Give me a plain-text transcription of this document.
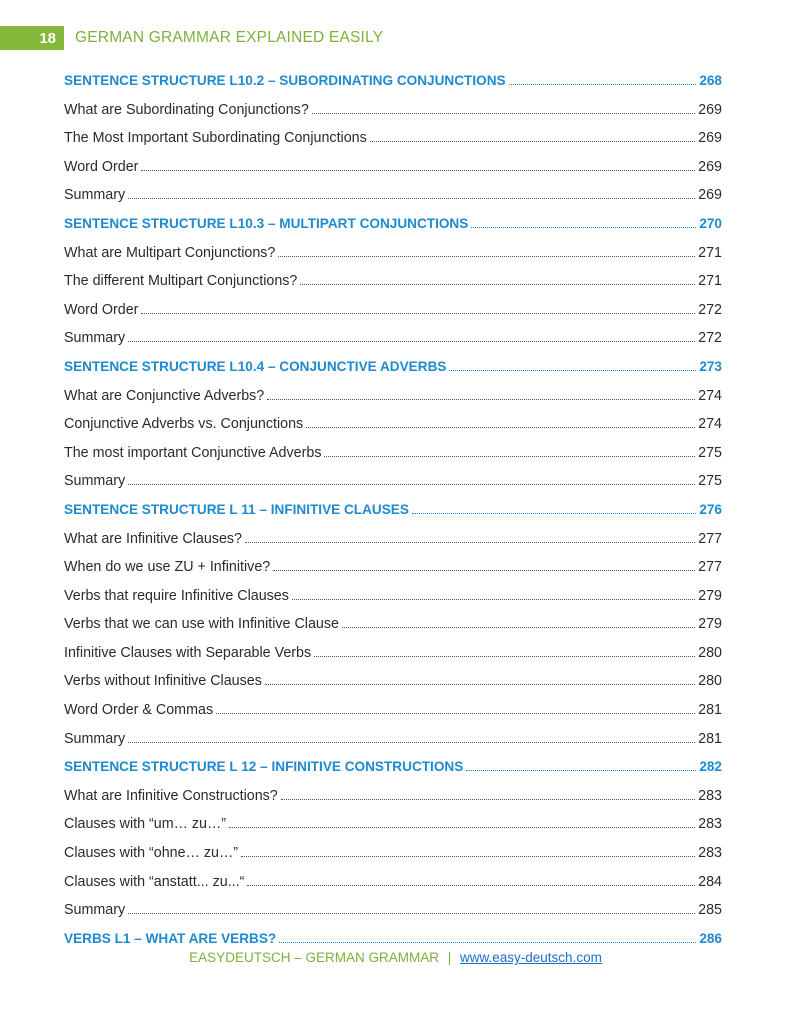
18	GERMAN GRAMMAR EXPLAINED EASILY
SENTENCE STRUCTURE L10.2 – SUBORDINATING CONJUNCTIONS	268
What are Subordinating Conjunctions?	269
The Most Important Subordinating Conjunctions	269
Word Order	269
Summary	269
SENTENCE STRUCTURE L10.3 – MULTIPART CONJUNCTIONS	270
What are Multipart Conjunctions?	271
The different Multipart Conjunctions?	271
Word Order	272
Summary	272
SENTENCE STRUCTURE L10.4 – CONJUNCTIVE ADVERBS	273
What are Conjunctive Adverbs?	274
Conjunctive Adverbs vs. Conjunctions	274
The most important Conjunctive Adverbs	275
Summary	275
SENTENCE STRUCTURE L 11 – INFINITIVE CLAUSES	276
What are Infinitive Clauses?	277
When do we use ZU + Infinitive?	277
Verbs that require Infinitive Clauses	279
Verbs that we can use with Infinitive Clause	279
Infinitive Clauses with Separable Verbs	280
Verbs without Infinitive Clauses	280
Word Order & Commas	281
Summary	281
SENTENCE STRUCTURE L 12 – INFINITIVE CONSTRUCTIONS	282
What are Infinitive Constructions?	283
Clauses with “um… zu…”	283
Clauses with “ohne… zu…”	283
Clauses with “anstatt... zu...“	284
Summary	285
VERBS L1 – WHAT ARE VERBS?	286
EASYDEUTSCH – GERMAN GRAMMAR | www.easy-deutsch.com
